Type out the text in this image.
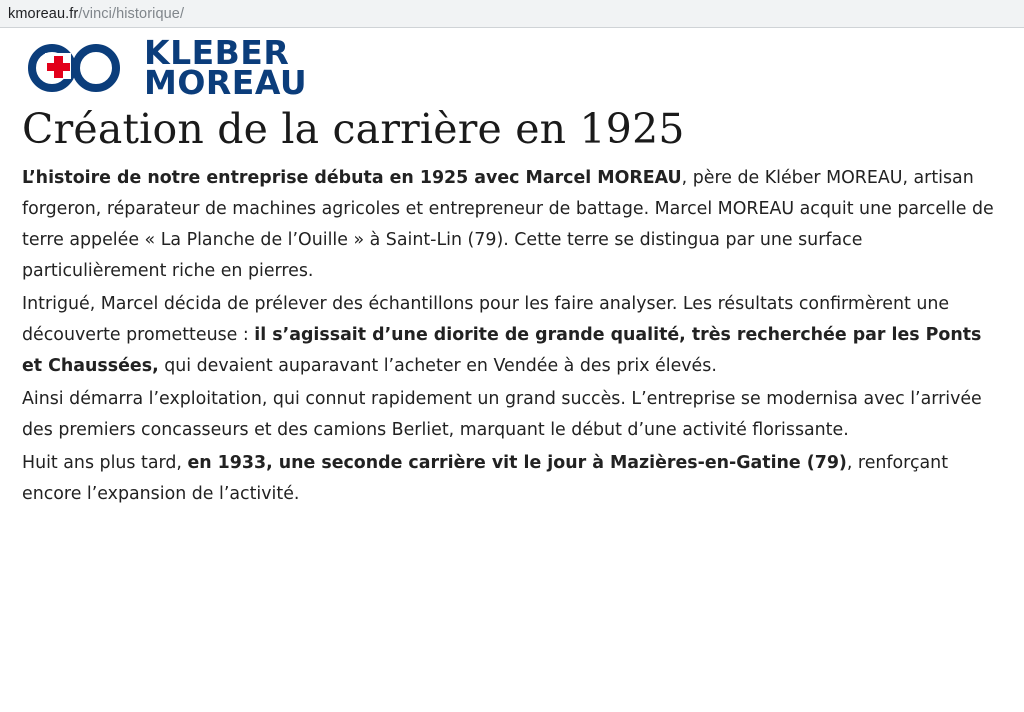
kmoreau.fr /vinci/historique/
KLEBER
MOREAU
Création de la carrière en 1925

L’histoire de notre entreprise débuta en 1925 avec Marcel MOREAU, père de Kléber MOREAU, artisan forgeron, réparateur de machines agricoles et entrepreneur de battage. Marcel MOREAU acquit une parcelle de terre appelée « La Planche de l’Ouille » à Saint-Lin (79). Cette terre se distingua par une surface particulièrement riche en pierres.

Intrigué, Marcel décida de prélever des échantillons pour les faire analyser. Les résultats confirmèrent une découverte prometteuse : il s’agissait d’une diorite de grande qualité, très recherchée par les Ponts et Chaussées, qui devaient auparavant l’acheter en Vendée à des prix élevés.

Ainsi démarra l’exploitation, qui connut rapidement un grand succès. L’entreprise se modernisa avec l’arrivée des premiers concasseurs et des camions Berliet, marquant le début d’une activité florissante.

Huit ans plus tard, en 1933, une seconde carrière vit le jour à Mazières-en-Gatine (79), renforçant encore l’expansion de l’activité.
